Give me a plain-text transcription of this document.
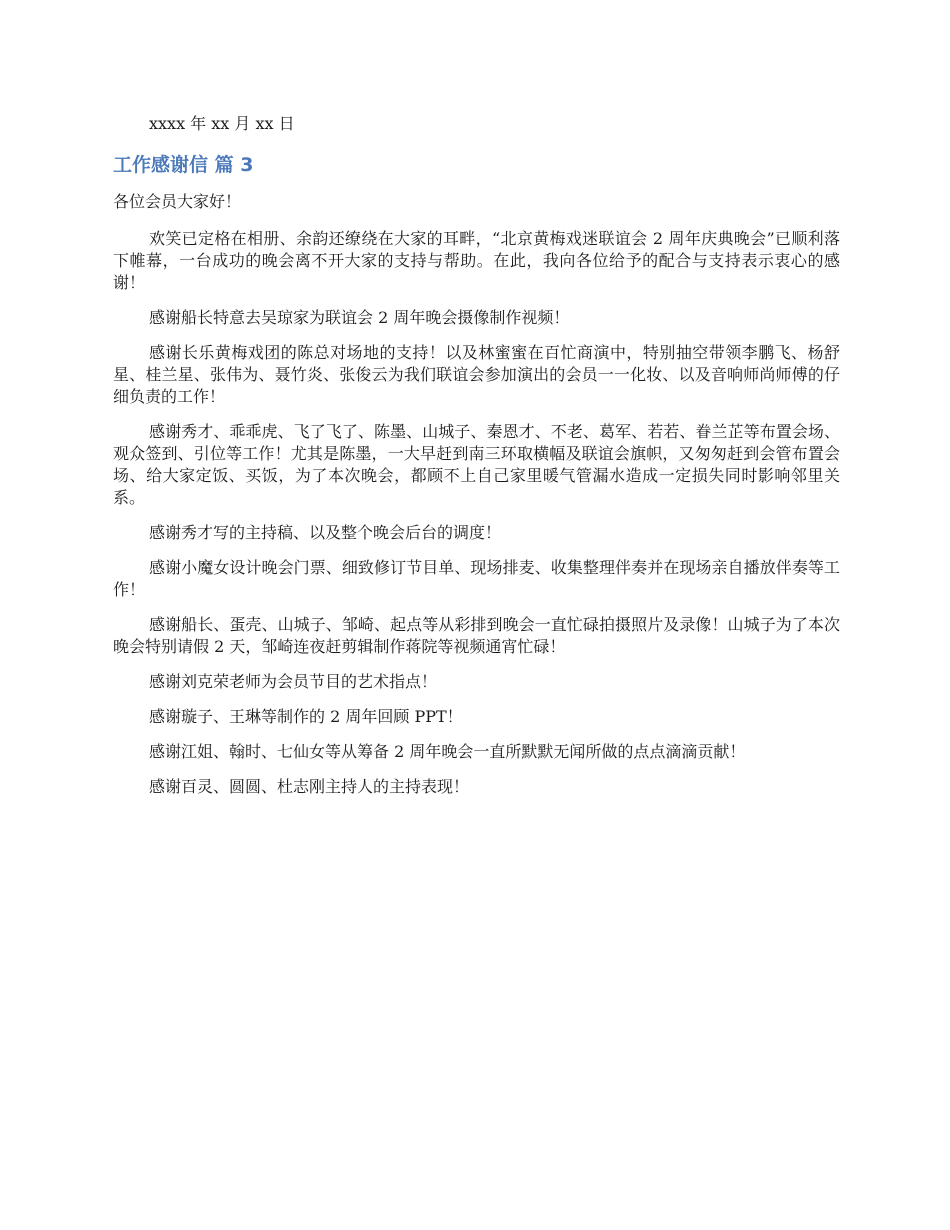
xxxx 年 xx 月 xx 日

工作感谢信 篇 3

各位会员大家好！

欢笑已定格在相册、余韵还缭绕在大家的耳畔，“北京黄梅戏迷联谊会 2 周年庆典晚会”已顺利落下帷幕，一台成功的晚会离不开大家的支持与帮助。在此，我向各位给予的配合与支持表示衷心的感谢！

感谢船长特意去吴琼家为联谊会 2 周年晚会摄像制作视频！

感谢长乐黄梅戏团的陈总对场地的支持！以及林蜜蜜在百忙商演中，特别抽空带领李鹏飞、杨舒星、桂兰星、张伟为、聂竹炎、张俊云为我们联谊会参加演出的会员一一化妆、以及音响师尚师傅的仔细负责的工作！

感谢秀才、乖乖虎、飞了飞了、陈墨、山城子、秦恩才、不老、葛军、若若、眷兰芷等布置会场、观众签到、引位等工作！尤其是陈墨，一大早赶到南三环取横幅及联谊会旗帜，又匆匆赶到会管布置会场、给大家定饭、买饭，为了本次晚会，都顾不上自己家里暖气管漏水造成一定损失同时影响邻里关系。

感谢秀才写的主持稿、以及整个晚会后台的调度！

感谢小魔女设计晚会门票、细致修订节目单、现场排麦、收集整理伴奏并在现场亲自播放伴奏等工作！

感谢船长、蛋壳、山城子、邹崎、起点等从彩排到晚会一直忙碌拍摄照片及录像！山城子为了本次晚会特别请假 2 天，邹崎连夜赶剪辑制作蒋院等视频通宵忙碌！

感谢刘克荣老师为会员节目的艺术指点！

感谢璇子、王琳等制作的 2 周年回顾 PPT！

感谢江姐、翰时、七仙女等从筹备 2 周年晚会一直所默默无闻所做的点点滴滴贡献！

感谢百灵、圆圆、杜志刚主持人的主持表现！
